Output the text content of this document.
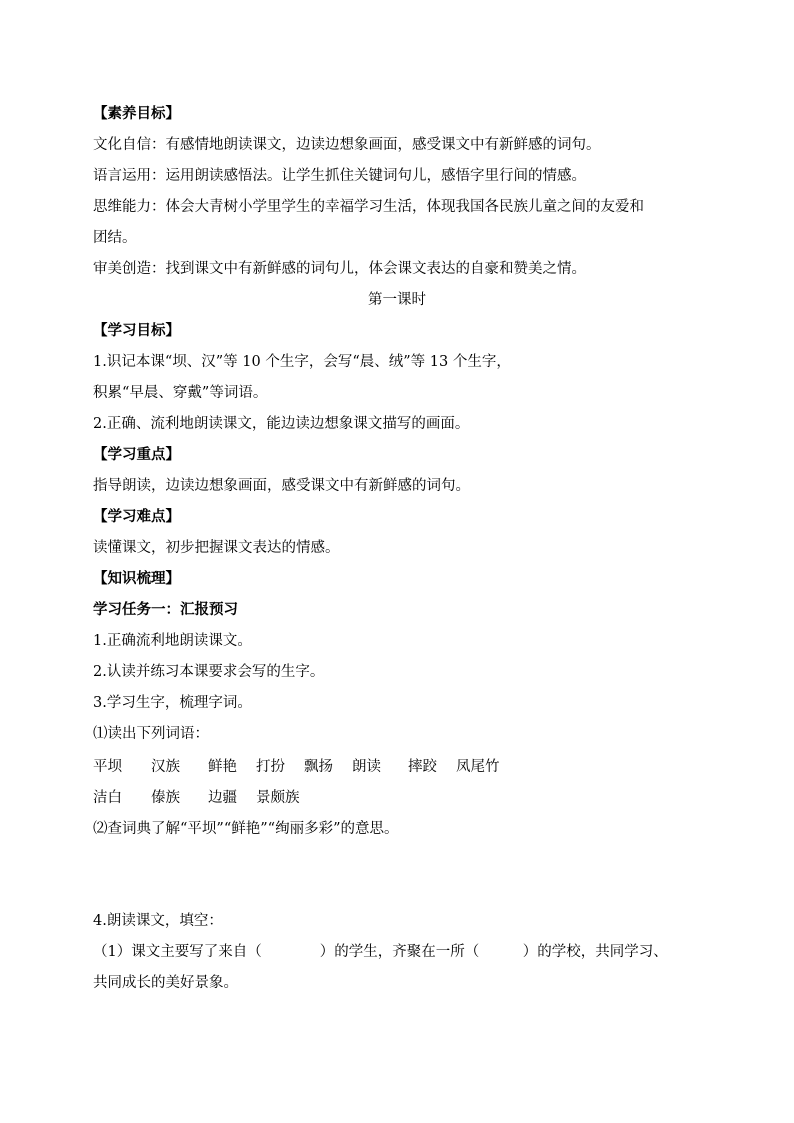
【素养目标】
文化自信：有感情地朗读课文，边读边想象画面，感受课文中有新鲜感的词句。
语言运用：运用朗读感悟法。让学生抓住关键词句儿，感悟字里行间的情感。
思维能力：体会大青树小学里学生的幸福学习生活，体现我国各民族儿童之间的友爱和
团结。
审美创造：找到课文中有新鲜感的词句儿，体会课文表达的自豪和赞美之情。
第一课时
【学习目标】
1.识记本课“坝、汉”等 10 个生字，会写“晨、绒”等 13 个生字，
积累“早晨、穿戴”等词语。
2.正确、流利地朗读课文，能边读边想象课文描写的画面。
【学习重点】
指导朗读，边读边想象画面，感受课文中有新鲜感的词句。
【学习难点】
读懂课文，初步把握课文表达的情感。
【知识梳理】
学习任务一：汇报预习
1.正确流利地朗读课文。
2.认读并练习本课要求会写的生字。
3.学习生字，梳理字词。
⑴读出下列词语：
平坝 汉族 鲜艳 打扮 飘扬 朗读 摔跤 凤尾竹
洁白 傣族 边疆 景颇族
⑵查词典了解“平坝”“鲜艳”“绚丽多彩”的意思。
4.朗读课文，填空：
（1）课文主要写了来自（　　　　）的学生，齐聚在一所（　　　）的学校，共同学习、
共同成长的美好景象。
